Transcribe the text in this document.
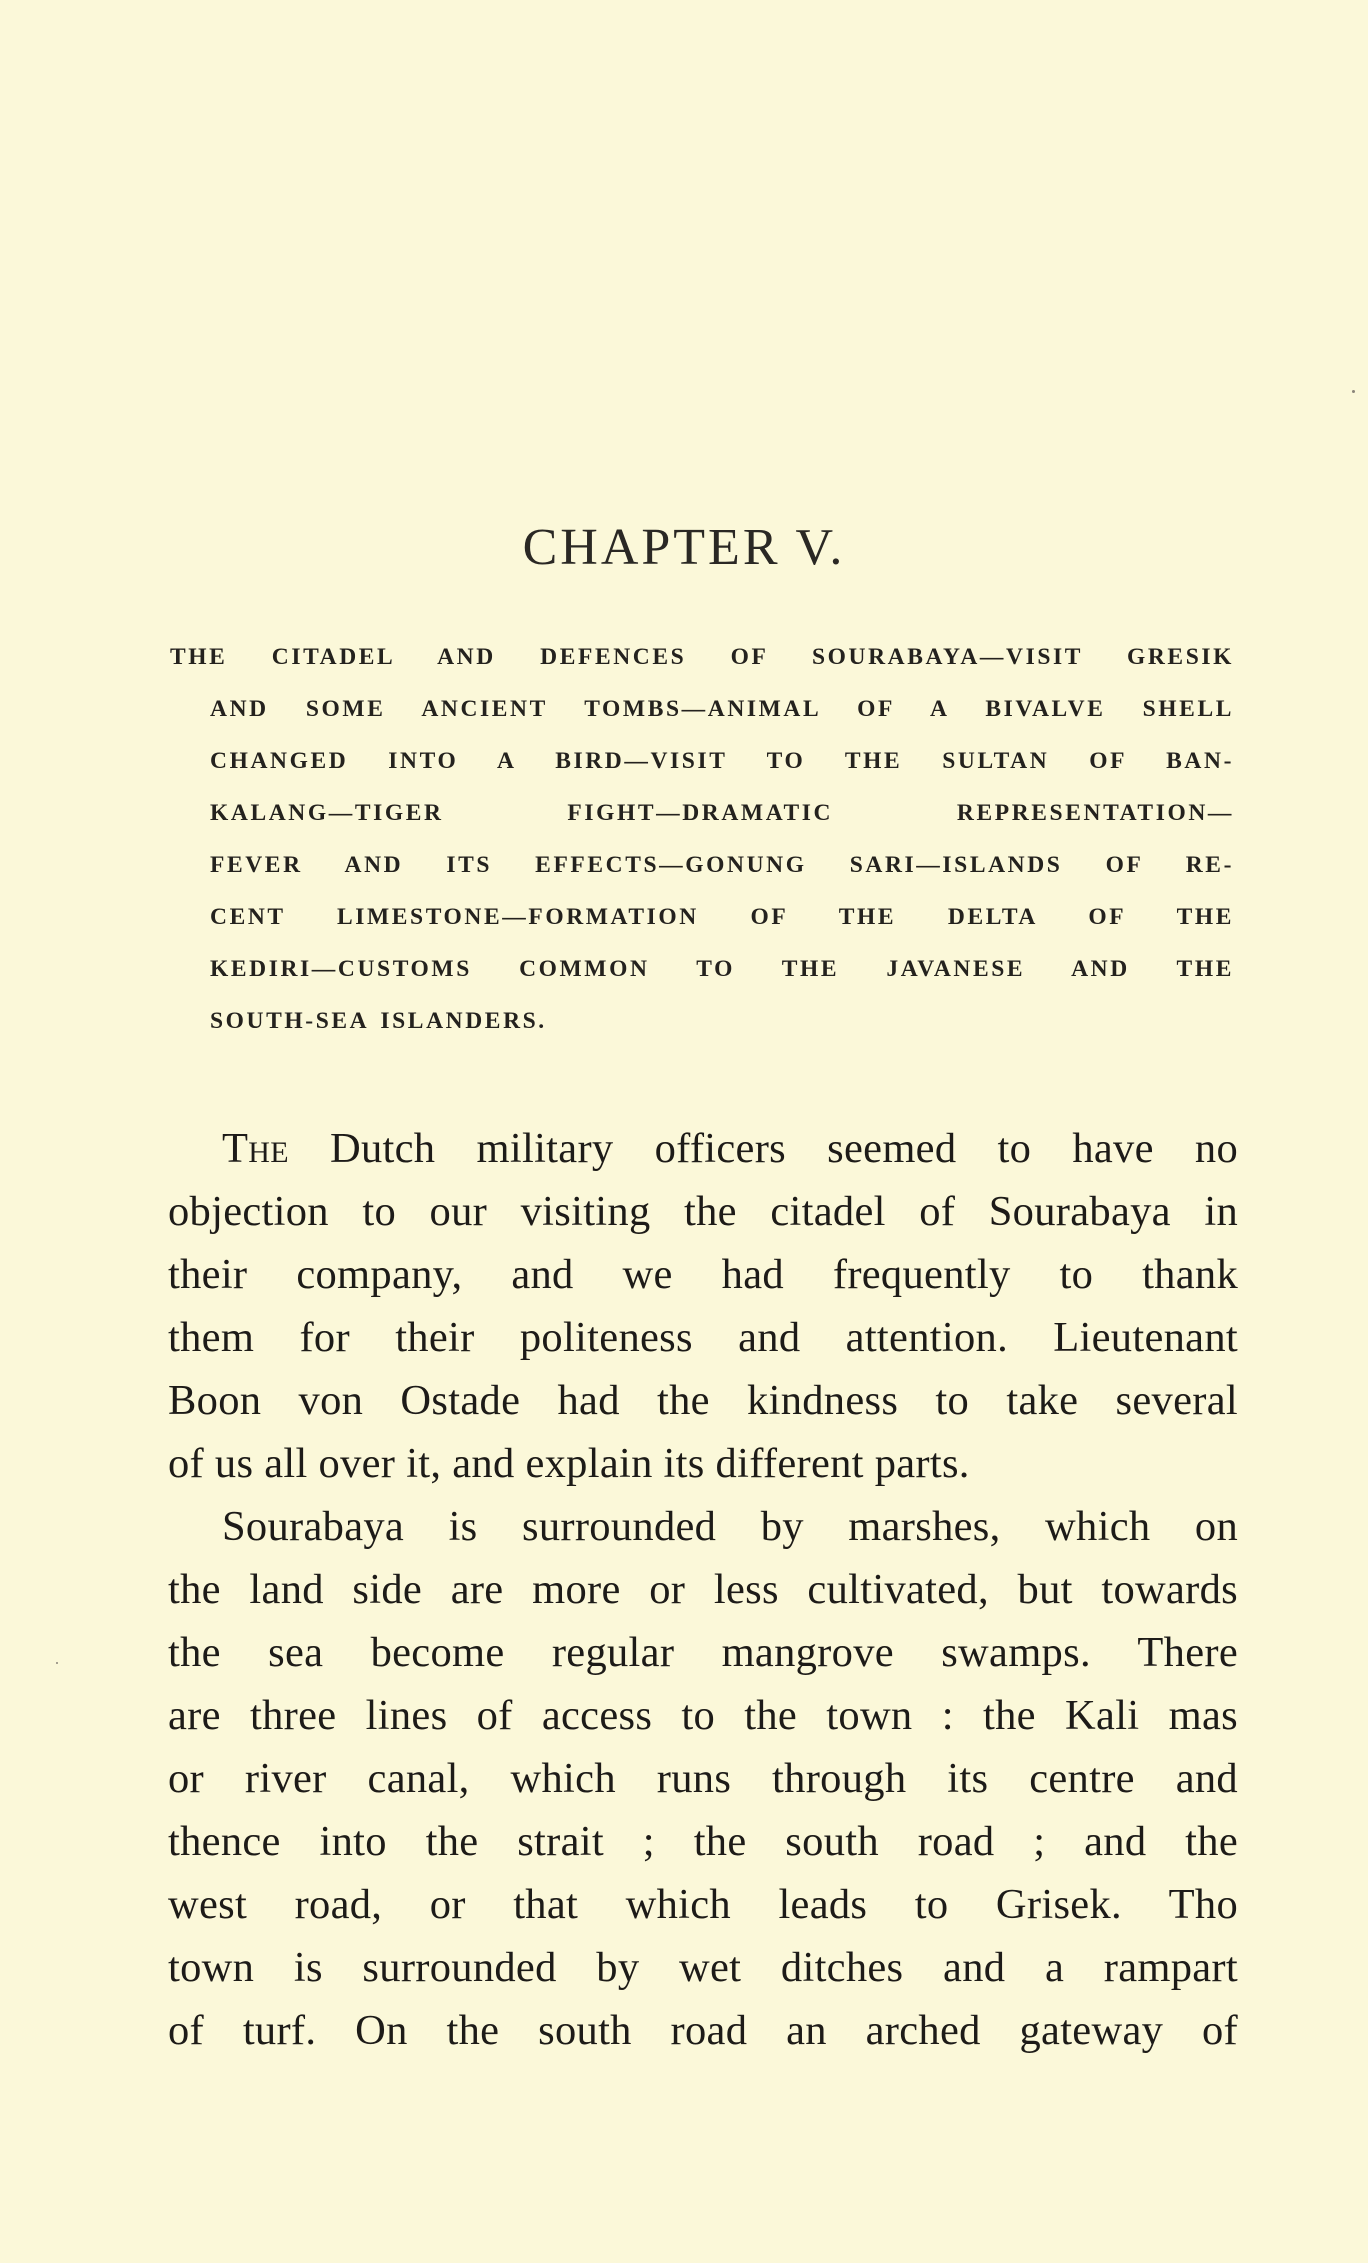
CHAPTER V.
THE CITADEL AND DEFENCES OF SOURABAYA—VISIT GRESIK
AND SOME ANCIENT TOMBS—ANIMAL OF A BIVALVE SHELL
CHANGED INTO A BIRD—VISIT TO THE SULTAN OF BAN-
KALANG—TIGER FIGHT—DRAMATIC REPRESENTATION—
FEVER AND ITS EFFECTS—GONUNG SARI—ISLANDS OF RE-
CENT LIMESTONE—FORMATION OF THE DELTA OF THE
KEDIRI—CUSTOMS COMMON TO THE JAVANESE AND THE
SOUTH-SEA ISLANDERS.
The Dutch military officers seemed to have no
objection to our visiting the citadel of Sourabaya in
their company, and we had frequently to thank
them for their politeness and attention. Lieutenant
Boon von Ostade had the kindness to take several
of us all over it, and explain its different parts.
Sourabaya is surrounded by marshes, which on
the land side are more or less cultivated, but towards
the sea become regular mangrove swamps. There
are three lines of access to the town : the Kali mas
or river canal, which runs through its centre and
thence into the strait ; the south road ; and the
west road, or that which leads to Grisek. Tho
town is surrounded by wet ditches and a rampart
of turf. On the south road an arched gateway of
